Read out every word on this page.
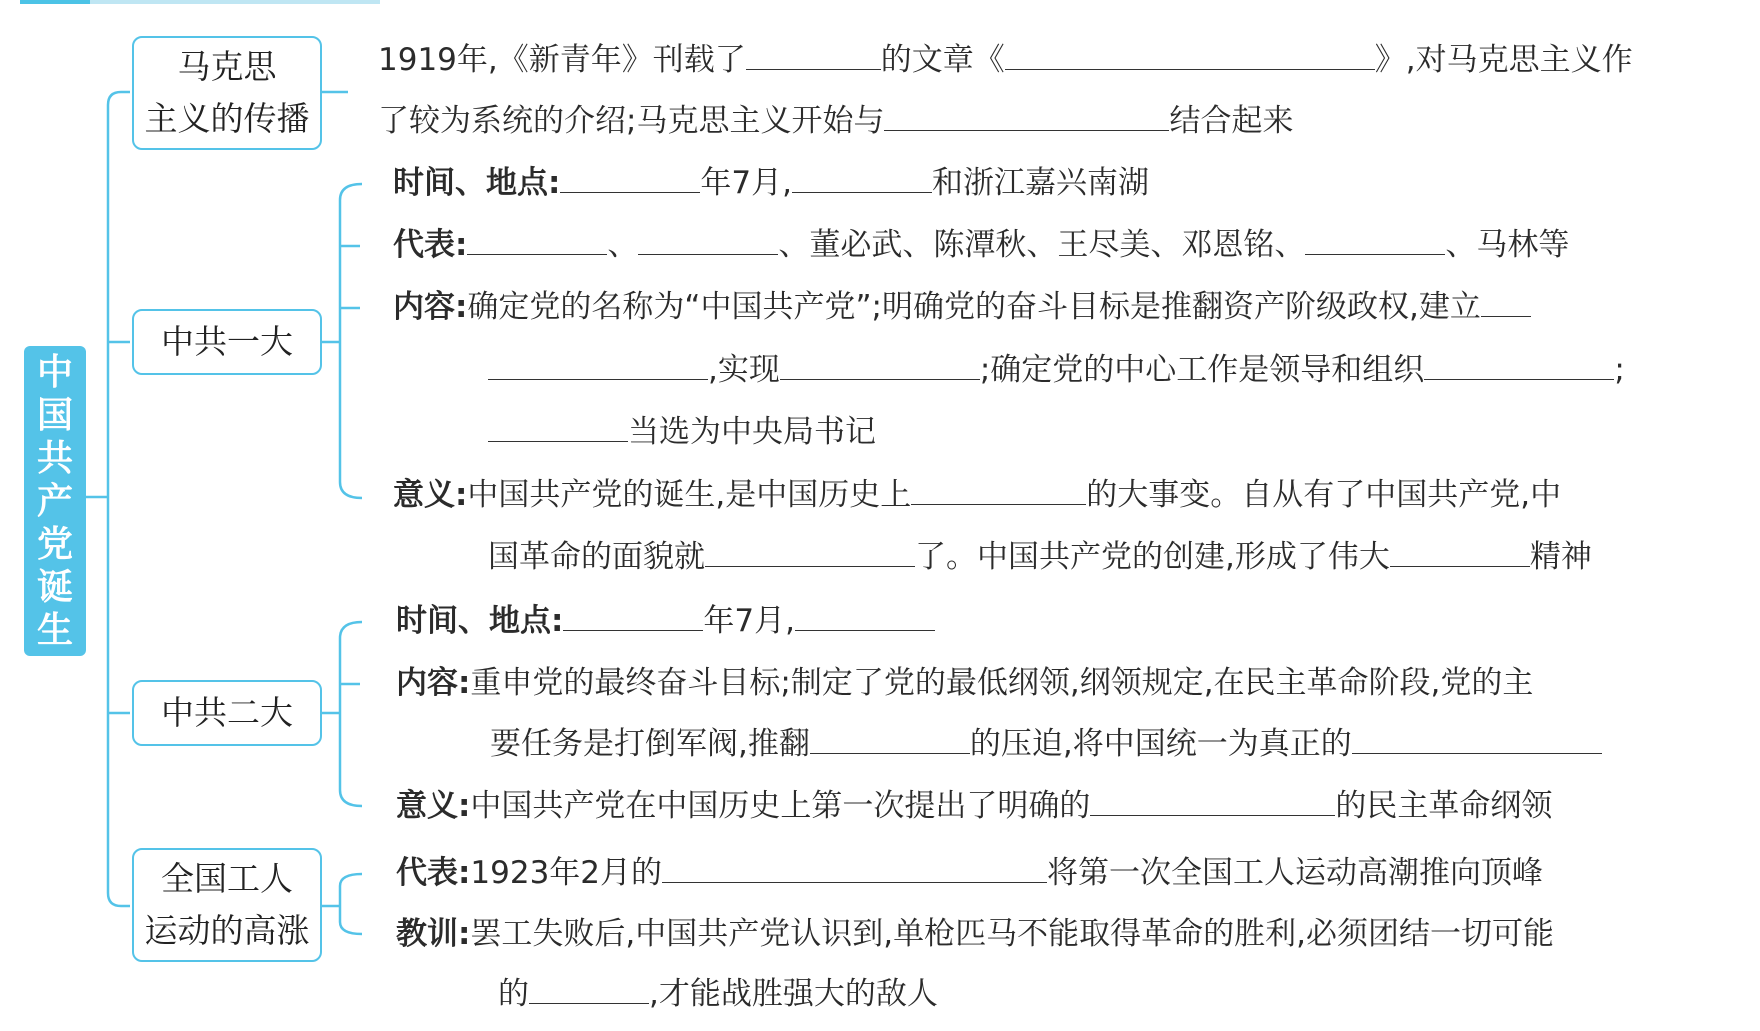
中
国
共
产
党
诞
生
马克思
主义的传播
中共一大
中共二大
全国工人
运动的高涨
1919年,《新青年》刊载了	的文章《	》,对马克思主义作
了较为系统的介绍;马克思主义开始与	结合起来
时间、地点:	年7月,	和浙江嘉兴南湖
代表:	、	、董必武、陈潭秋、王尽美、邓恩铭、	、马林等
内容:确定党的名称为“中国共产党”;明确党的奋斗目标是推翻资产阶级政权,建立
,实现	;确定党的中心工作是领导和组织	;
当选为中央局书记
意义:中国共产党的诞生,是中国历史上	的大事变。自从有了中国共产党,中
国革命的面貌就	了。中国共产党的创建,形成了伟大	精神
时间、地点:	年7月,
内容:重申党的最终奋斗目标;制定了党的最低纲领,纲领规定,在民主革命阶段,党的主
要任务是打倒军阀,推翻	的压迫,将中国统一为真正的
意义:中国共产党在中国历史上第一次提出了明确的	的民主革命纲领
代表:1923年2月的	将第一次全国工人运动高潮推向顶峰
教训:罢工失败后,中国共产党认识到,单枪匹马不能取得革命的胜利,必须团结一切可能
的	,才能战胜强大的敌人
